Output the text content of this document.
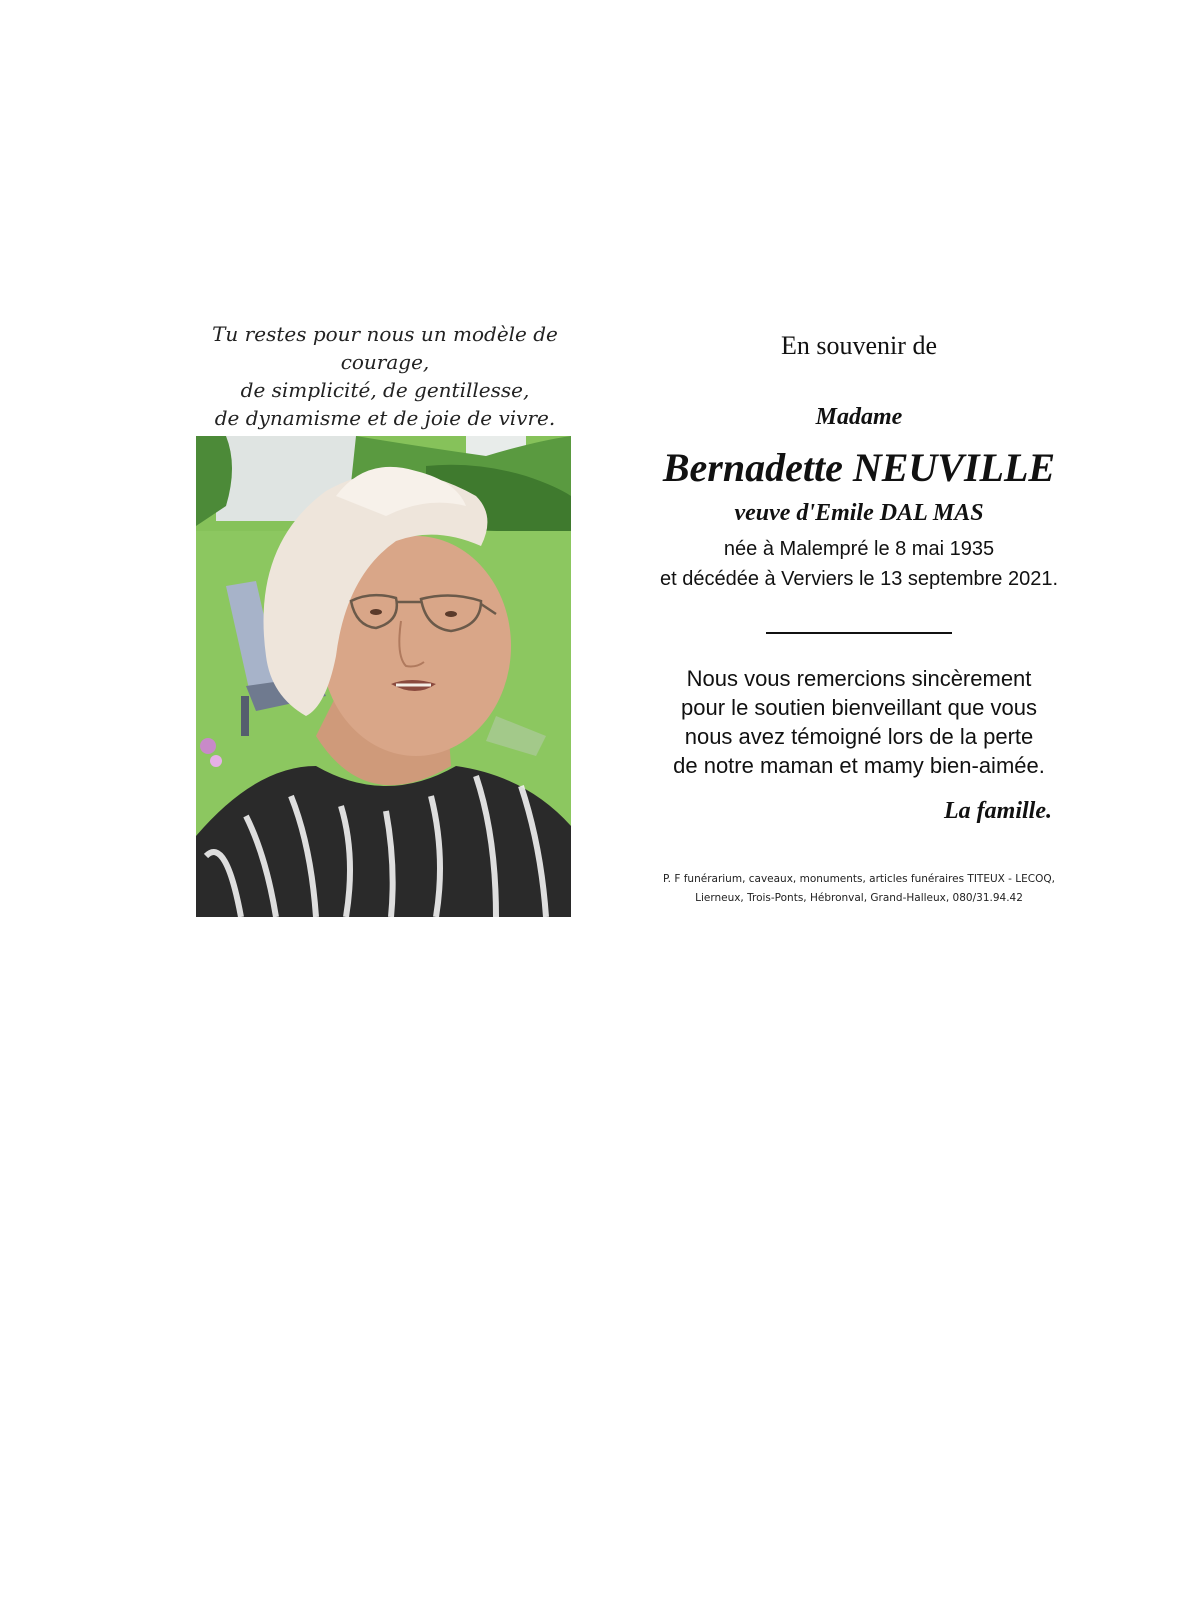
Tu restes pour nous un modèle de courage,
de simplicité, de gentillesse,
de dynamisme et de joie de vivre.

En souvenir de
Madame
Bernadette NEUVILLE
veuve d'Emile DAL MAS
née à Malempré le 8 mai 1935
et décédée à Verviers le 13 septembre 2021.
Nous vous remercions sincèrement
pour le soutien bienveillant que vous
nous avez témoigné lors de la perte
de notre maman et mamy bien-aimée.
La famille.
P. F funérarium, caveaux, monuments, articles funéraires TITEUX - LECOQ,
Lierneux, Trois-Ponts, Hébronval, Grand-Halleux, 080/31.94.42
